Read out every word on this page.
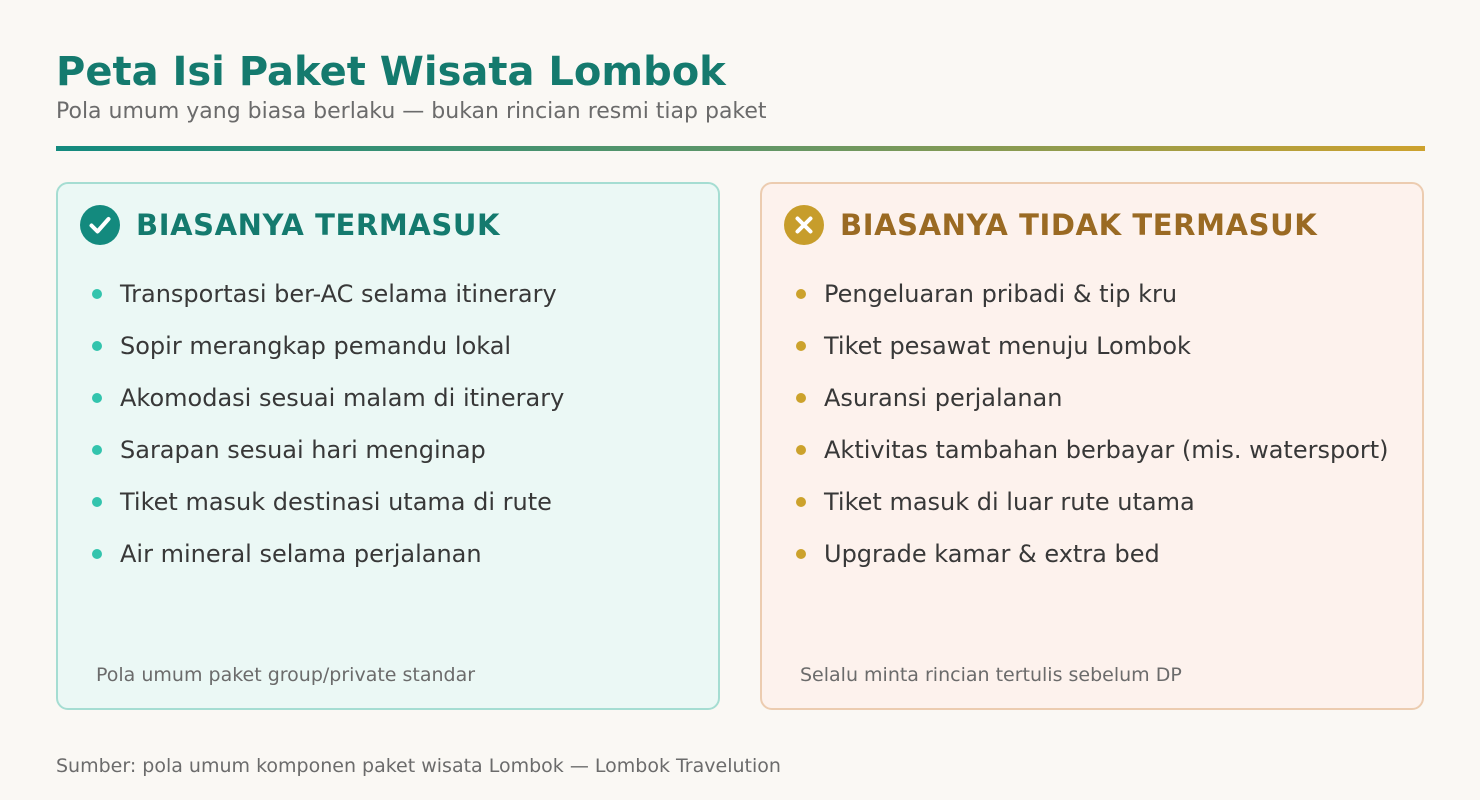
Peta Isi Paket Wisata Lombok
Pola umum yang biasa berlaku — bukan rincian resmi tiap paket
BIASANYA TERMASUK
Transportasi ber-AC selama itinerary
Sopir merangkap pemandu lokal
Akomodasi sesuai malam di itinerary
Sarapan sesuai hari menginap
Tiket masuk destinasi utama di rute
Air mineral selama perjalanan
Pola umum paket group/private standar
BIASANYA TIDAK TERMASUK
Pengeluaran pribadi & tip kru
Tiket pesawat menuju Lombok
Asuransi perjalanan
Aktivitas tambahan berbayar (mis. watersport)
Tiket masuk di luar rute utama
Upgrade kamar & extra bed
Selalu minta rincian tertulis sebelum DP
Sumber: pola umum komponen paket wisata Lombok — Lombok Travelution
